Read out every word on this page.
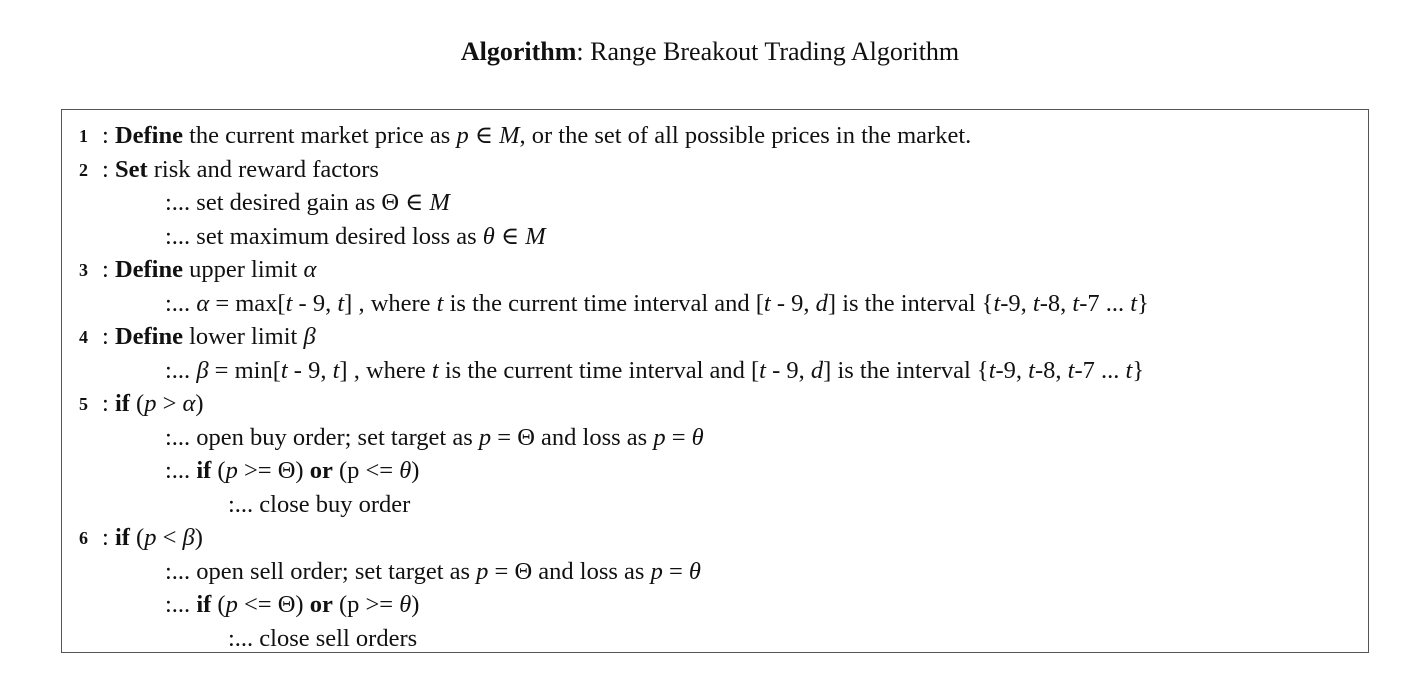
Algorithm: Range Breakout Trading Algorithm
1 : Define the current market price as p ∈ M, or the set of all possible prices in the market.
2 : Set risk and reward factors
:... set desired gain as Θ ∈ M
:... set maximum desired loss as θ ∈ M
3 : Define upper limit α
:... α = max[t - 9, t] , where t is the current time interval and [t - 9, d] is the interval {t-9, t-8, t-7 ... t}
4 : Define lower limit β
:... β = min[t - 9, t] , where t is the current time interval and [t - 9, d] is the interval {t-9, t-8, t-7 ... t}
5 : if (p > α)
:... open buy order; set target as p = Θ and loss as p = θ
:... if (p >= Θ) or (p <= θ)
:... close buy order
6 : if (p < β)
:... open sell order; set target as p = Θ and loss as p = θ
:... if (p <= Θ) or (p >= θ)
:... close sell orders
